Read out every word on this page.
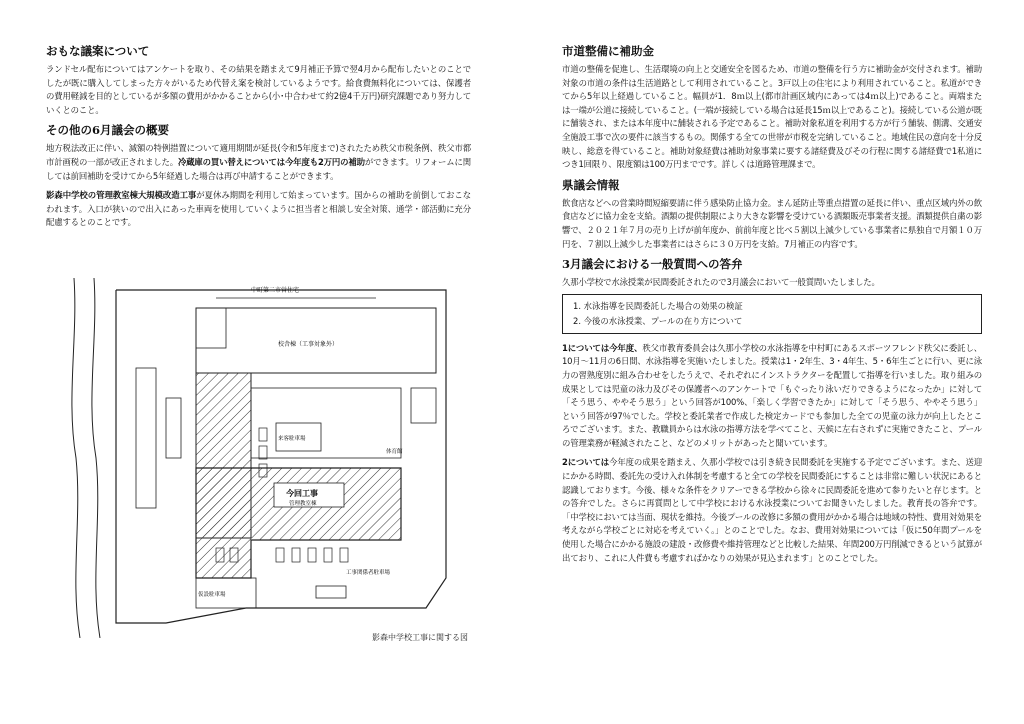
おもな議案について

ランドセル配布についてはアンケートを取り、その結果を踏まえて9月補正予算で翌4月から配布したいとのことでしたが既に購入してしまった方々がいるため代替え案を検討しているようです。給食費無料化については、保護者の費用軽減を目的としているが多額の費用がかかることから(小･中合わせて約2億4千万円)研究課題であり努力していくとのこと。

その他の6月議会の概要

地方税法改正に伴い、減額の特例措置について適用期間が延長(令和5年度まで)されたため秩父市税条例、秩父市都市計画税の一部が改正されました。冷蔵庫の買い替えについては今年度も2万円の補助ができます。リフォームに関しては前回補助を受けてから5年経過した場合は再び申請することができます。

影森中学校の管理教室棟大規模改造工事が夏休み期間を利用して始まっています。国からの補助を前倒しておこなわれます。入口が狭いので出入にあった車両を使用していくように担当者と相談し安全対策、通学・部活動に充分配慮するとのことです。

中町第二市営住宅
校舎棟（工事対象外）
来客駐車場
体育館
今回工事
管理教室棟
仮設駐車場
工事関係者駐車場
影森中学校工事に関する図
市道整備に補助金

市道の整備を促進し、生活環境の向上と交通安全を図るため、市道の整備を行う方に補助金が交付されます。補助対象の市道の条件は生活道路として利用されていること。3戸以上の住宅により利用されていること。私道ができてから5年以上経過していること。幅員が1．8ｍ以上(都市計画区域内にあっては4ｍ以上)であること。両端または一端が公道に接続していること。(一端が接続している場合は延長15ｍ以上であること)。接続している公道が既に舗装され、または本年度中に舗装される予定であること。補助対象私道を利用する方が行う舗装、側溝、交通安全施設工事で次の要件に該当するもの。関係する全ての世帯が市税を完納していること。地域住民の意向を十分反映し、総意を得ていること。補助対象経費は補助対象事業に要する諸経費及びその行程に関する諸経費で1私道につき1回限り、限度額は100万円までです。詳しくは道路管理課まで。

県議会情報

飲食店などへの営業時間短縮要請に伴う感染防止協力金。まん延防止等重点措置の延長に伴い、重点区域内外の飲食店などに協力金を支給。酒類の提供制限により大きな影響を受けている酒類販売事業者支援。酒類提供自粛の影響で、２０２１年７月の売り上げが前年度か、前前年度と比べ５割以上減少している事業者に県独自で月額１０万円を、７割以上減少した事業者にはさらに３０万円を支給。7月補正の内容です。

3月議会における一般質問への答弁

久那小学校で水泳授業が民間委託されたので3月議会において一般質問いたしました。

1. 水泳指導を民間委託した場合の効果の検証
2. 今後の水泳授業、プールの在り方について

1については今年度、秩父市教育委員会は久那小学校の水泳指導を中村町にあるスポーツフレンド秩父に委託し、10月～11月の6日間、水泳指導を実施いたしました。授業は1・2年生、3・4年生、5・6年生ごとに行い、更に泳力の習熟度別に組み合わせをしたうえで、それぞれにインストラクターを配置して指導を行いました。取り組みの成果としては児童の泳力及びその保護者へのアンケートで「もぐったり泳いだりできるようになったか」に対して「そう思う、ややそう思う」という回答が100%、「楽しく学習できたか」に対して「そう思う、ややそう思う」という回答が97％でした。学校と委託業者で作成した検定カードでも参加した全ての児童の泳力が向上したところでございます。また、教職員からは水泳の指導方法を学べてこと、天候に左右されずに実施できたこと、プールの管理業務が軽減されたこと、などのメリットがあったと聞いています。

2については今年度の成果を踏まえ、久那小学校では引き続き民間委託を実施する予定でございます。また、送迎にかかる時間、委託先の受け入れ体制を考慮すると全ての学校を民間委託にすることは非常に難しい状況にあると認識しております。今後、様々な条件をクリアーできる学校から徐々に民間委託を進めて参りたいと存じます。との答弁でした。さらに再質問として中学校における水泳授業についてお聞きいたしました。教育長の答弁です。「中学校においては当面、現状を維持。今後プールの改修に多額の費用がかかる場合は地域の特性、費用対効果を考えながら学校ごとに対応を考えていく。」とのことでした。なお、費用対効果については「仮に50年間プールを使用した場合にかかる施設の建設・改修費や維持管理などと比較した結果、年間200万円削減できるという試算が出ており、これに人件費も考慮すればかなりの効果が見込まれます」とのことでした。
